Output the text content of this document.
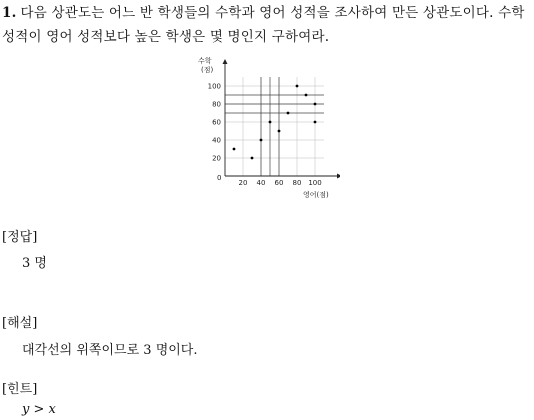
1. 다음 상관도는 어느 반 학생들의 수학과 영어 성적을 조사하여 만든 상관도이다. 수학 성적이 영어 성적보다 높은 학생은 몇 명인지 구하여라.
20 40 60 80 100
20
40
60
80
100
수학
(점)
영어(점)
0
[정답]
3 명
[해설]
대각선의 위쪽이므로 3 명이다.
[힌트]
y > x
